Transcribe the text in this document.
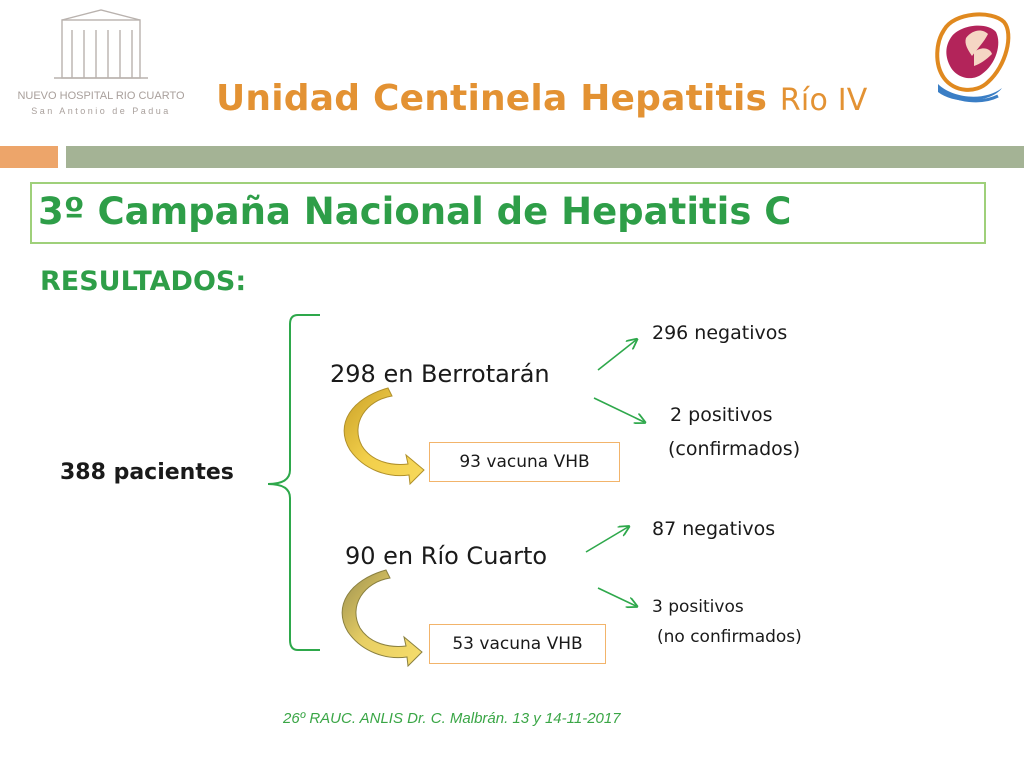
NUEVO HOSPITAL RIO CUARTO
San Antonio de Padua Unidad Centinela Hepatitis Río IV
3º Campaña Nacional de Hepatitis C
RESULTADOS:
388 pacientes
298 en Berrotarán
93 vacuna VHB
296 negativos
2 positivos
(confirmados)
90 en Río Cuarto
53 vacuna VHB
87 negativos
3 positivos
(no confirmados)
26º RAUC. ANLIS Dr. C. Malbrán. 13 y 14-11-2017
